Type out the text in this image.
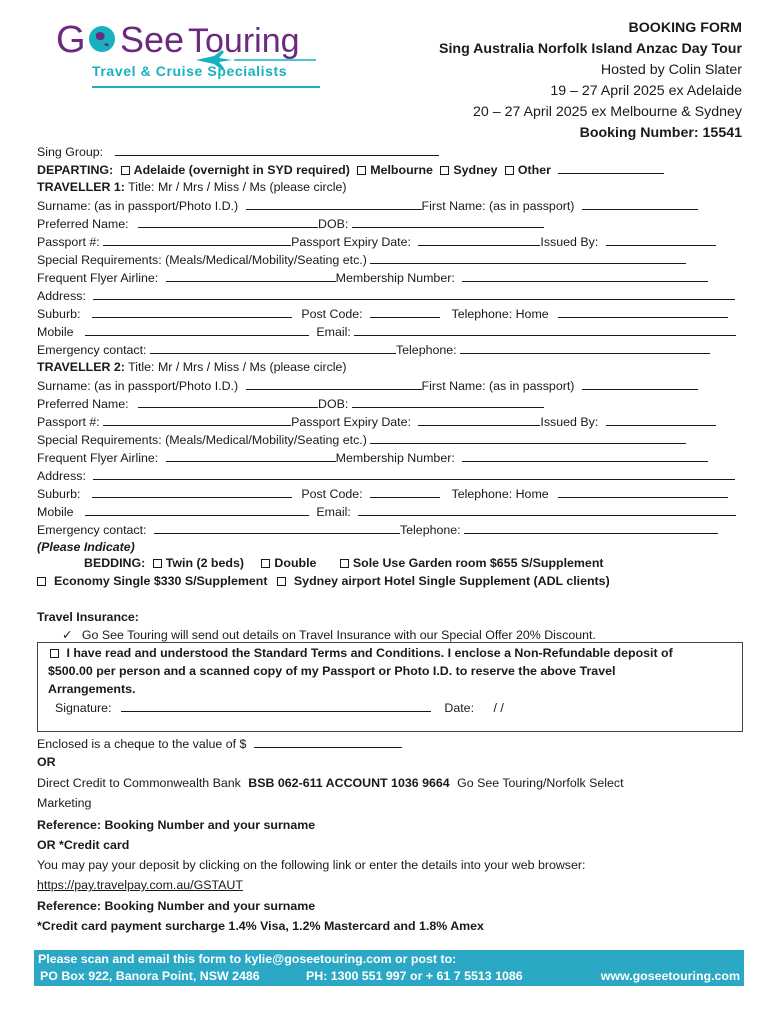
G See Touring
Travel & Cruise Specialists
BOOKING FORM
Sing Australia Norfolk Island Anzac Day Tour
Hosted by Colin Slater
19 – 27 April 2025 ex Adelaide
20 – 27 April 2025 ex Melbourne & Sydney
Booking Number: 15541
Sing Group:
DEPARTING: Adelaide (overnight in SYD required) Melbourne Sydney Other
TRAVELLER 1: Title: Mr / Mrs / Miss / Ms (please circle)
Surname: (as in passport/Photo I.D.)	First Name: (as in passport)
Preferred Name:	DOB:
Passport #:	Passport Expiry Date:	Issued By:
Special Requirements: (Meals/Medical/Mobility/Seating etc.)
Frequent Flyer Airline:	Membership Number:
Address:
Suburb:	Post Code:	Telephone: Home
Mobile	Email:
Emergency contact:	Telephone:
TRAVELLER 2: Title: Mr / Mrs / Miss / Ms (please circle)
Surname: (as in passport/Photo I.D.)	First Name: (as in passport)
Preferred Name:	DOB:
Passport #:	Passport Expiry Date:	Issued By:
Special Requirements: (Meals/Medical/Mobility/Seating etc.)
Frequent Flyer Airline:	Membership Number:
Address:
Suburb:	Post Code:	Telephone: Home
Mobile	Email:
Emergency contact:	Telephone:
(Please Indicate)
BEDDING: Twin (2 beds) Double	Sole Use Garden room $655 S/Supplement
Economy Single $330 S/Supplement Sydney airport Hotel Single Supplement (ADL clients)
Travel Insurance:
✓ Go See Touring will send out details on Travel Insurance with our Special Offer 20% Discount.
I have read and understood the Standard Terms and Conditions. I enclose a Non-Refundable deposit of
$500.00 per person and a scanned copy of my Passport or Photo I.D. to reserve the above Travel
Arrangements.
Signature:	Date: / /
Enclosed is a cheque to the value of $
OR
Direct Credit to Commonwealth Bank BSB 062-611 ACCOUNT 1036 9664 Go See Touring/Norfolk Select
Marketing
Reference: Booking Number and your surname
OR *Credit card
You may pay your deposit by clicking on the following link or enter the details into your web browser:
https://pay.travelpay.com.au/GSTAUT
Reference: Booking Number and your surname
*Credit card payment surcharge 1.4% Visa, 1.2% Mastercard and 1.8% Amex
Please scan and email this form to kylie@goseetouring.com or post to:
PO Box 922, Banora Point, NSW 2486	PH: 1300 551 997 or + 61 7 5513 1086	www.goseetouring.com
